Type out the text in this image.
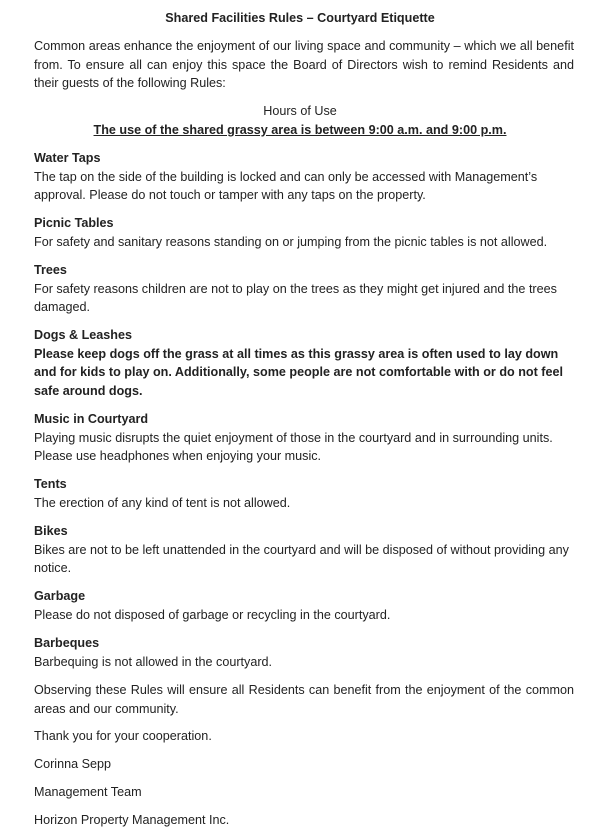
Shared Facilities Rules – Courtyard Etiquette
Common areas enhance the enjoyment of our living space and community – which we all benefit from. To ensure all can enjoy this space the Board of Directors wish to remind Residents and their guests of the following Rules:
Hours of Use
The use of the shared grassy area is between 9:00 a.m. and 9:00 p.m.
Water Taps
The tap on the side of the building is locked and can only be accessed with Management’s approval. Please do not touch or tamper with any taps on the property.
Picnic Tables
For safety and sanitary reasons standing on or jumping from the picnic tables is not allowed.
Trees
For safety reasons children are not to play on the trees as they might get injured and the trees damaged.
Dogs & Leashes
Please keep dogs off the grass at all times as this grassy area is often used to lay down and for kids to play on. Additionally, some people are not comfortable with or do not feel safe around dogs.
Music in Courtyard
Playing music disrupts the quiet enjoyment of those in the courtyard and in surrounding units. Please use headphones when enjoying your music.
Tents
The erection of any kind of tent is not allowed.
Bikes
Bikes are not to be left unattended in the courtyard and will be disposed of without providing any notice.
Garbage
Please do not disposed of garbage or recycling in the courtyard.
Barbeques
Barbequing is not allowed in the courtyard.
Observing these Rules will ensure all Residents can benefit from the enjoyment of the common areas and our community.
Thank you for your cooperation.
Corinna Sepp
Management Team
Horizon Property Management Inc.
